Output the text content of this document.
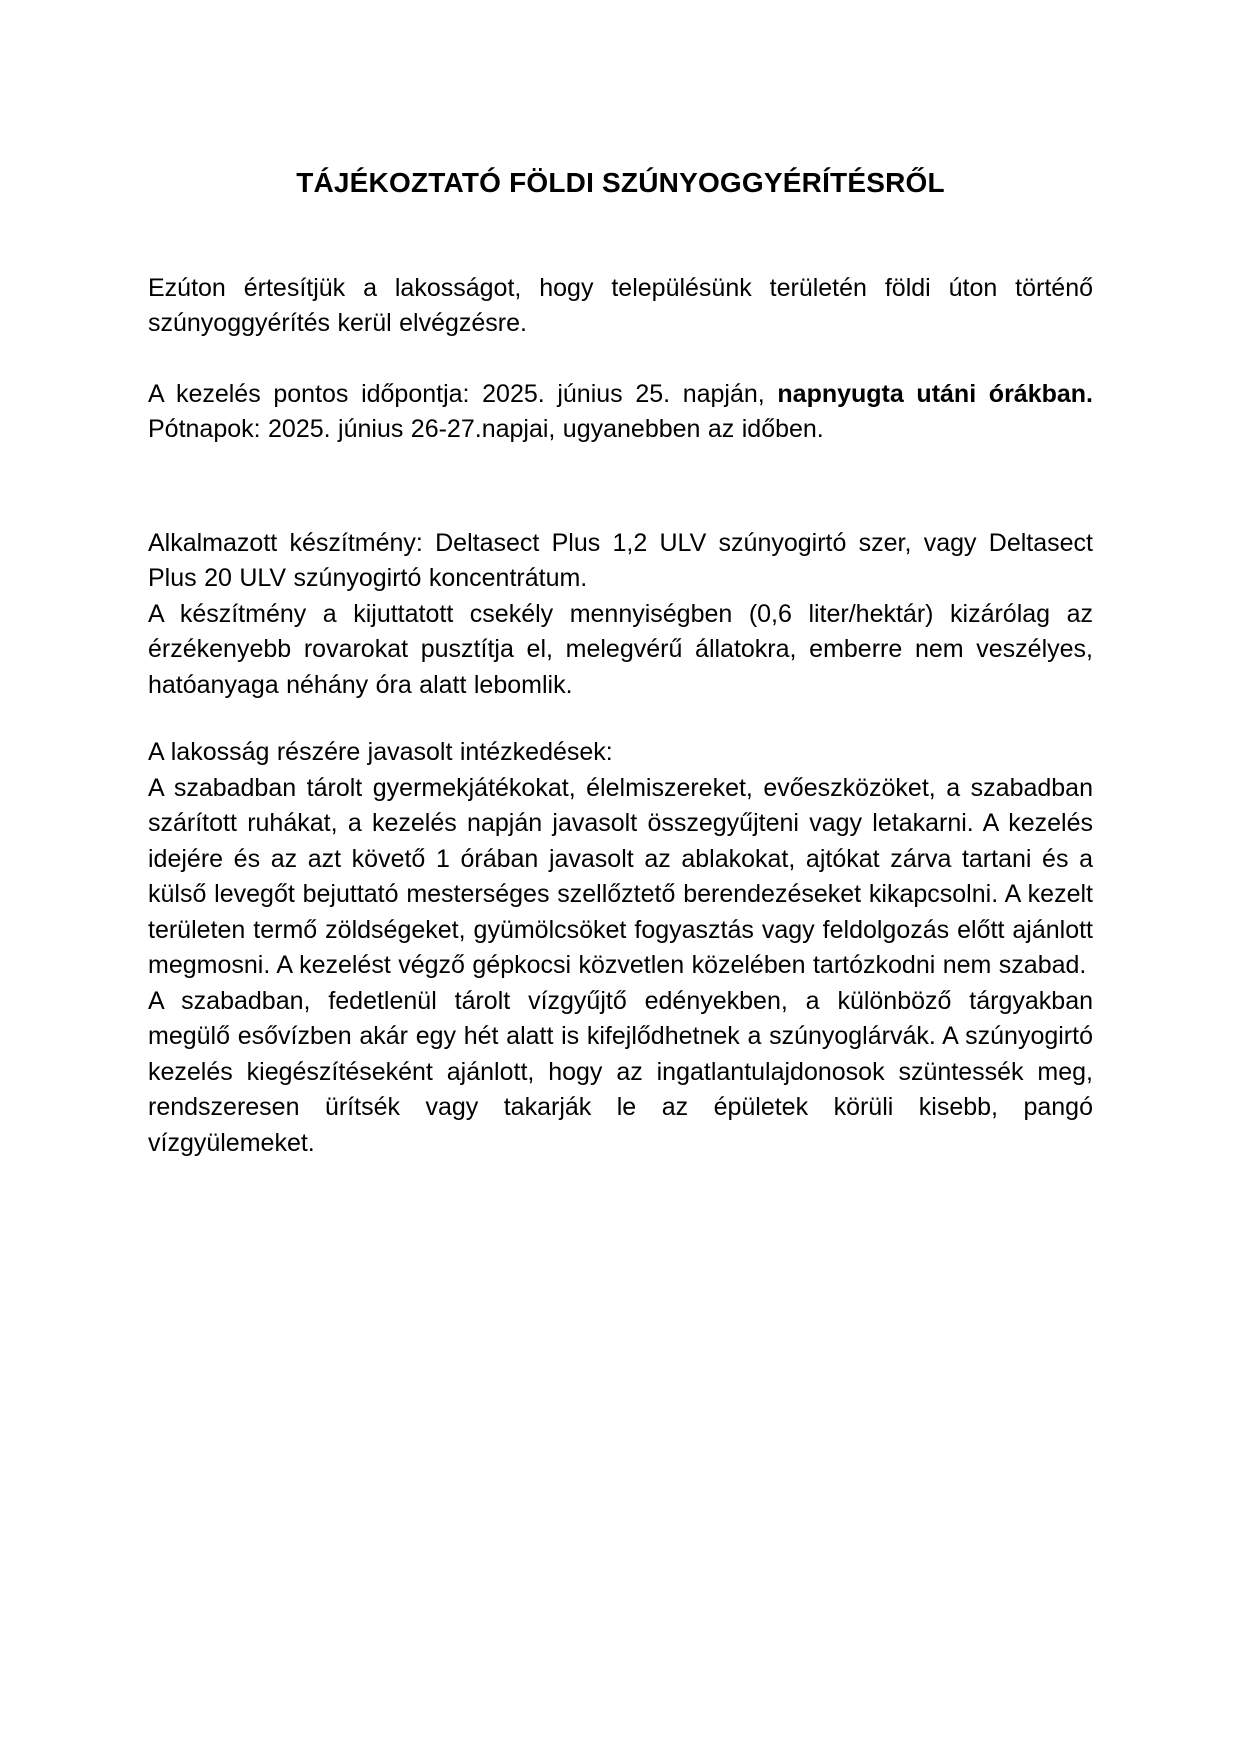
TÁJÉKOZTATÓ FÖLDI SZÚNYOGGYÉRÍTÉSRŐL

Ezúton értesítjük a lakosságot, hogy településünk területén földi úton történő szúnyoggyérítés kerül elvégzésre.

A kezelés pontos időpontja: 2025. június 25. napján, napnyugta utáni órákban. Pótnapok: 2025. június 26-27.napjai, ugyanebben az időben.

Alkalmazott készítmény: Deltasect Plus 1,2 ULV szúnyogirtó szer, vagy Deltasect Plus 20 ULV szúnyogirtó koncentrátum.

A készítmény a kijuttatott csekély mennyiségben (0,6 liter/hektár) kizárólag az érzékenyebb rovarokat pusztítja el, melegvérű állatokra, emberre nem veszélyes, hatóanyaga néhány óra alatt lebomlik.

A lakosság részére javasolt intézkedések:

A szabadban tárolt gyermekjátékokat, élelmiszereket, evőeszközöket, a szabadban szárított ruhákat, a kezelés napján javasolt összegyűjteni vagy letakarni. A kezelés idejére és az azt követő 1 órában javasolt az ablakokat, ajtókat zárva tartani és a külső levegőt bejuttató mesterséges szellőztető berendezéseket kikapcsolni. A kezelt területen termő zöldségeket, gyümölcsöket fogyasztás vagy feldolgozás előtt ajánlott megmosni. A kezelést végző gépkocsi közvetlen közelében tartózkodni nem szabad.

A szabadban, fedetlenül tárolt vízgyűjtő edényekben, a különböző tárgyakban megülő esővízben akár egy hét alatt is kifejlődhetnek a szúnyoglárvák. A szúnyogirtó kezelés kiegészítéseként ajánlott, hogy az ingatlantulajdonosok szüntessék meg, rendszeresen ürítsék vagy takarják le az épületek körüli kisebb, pangó vízgyülemeket.
